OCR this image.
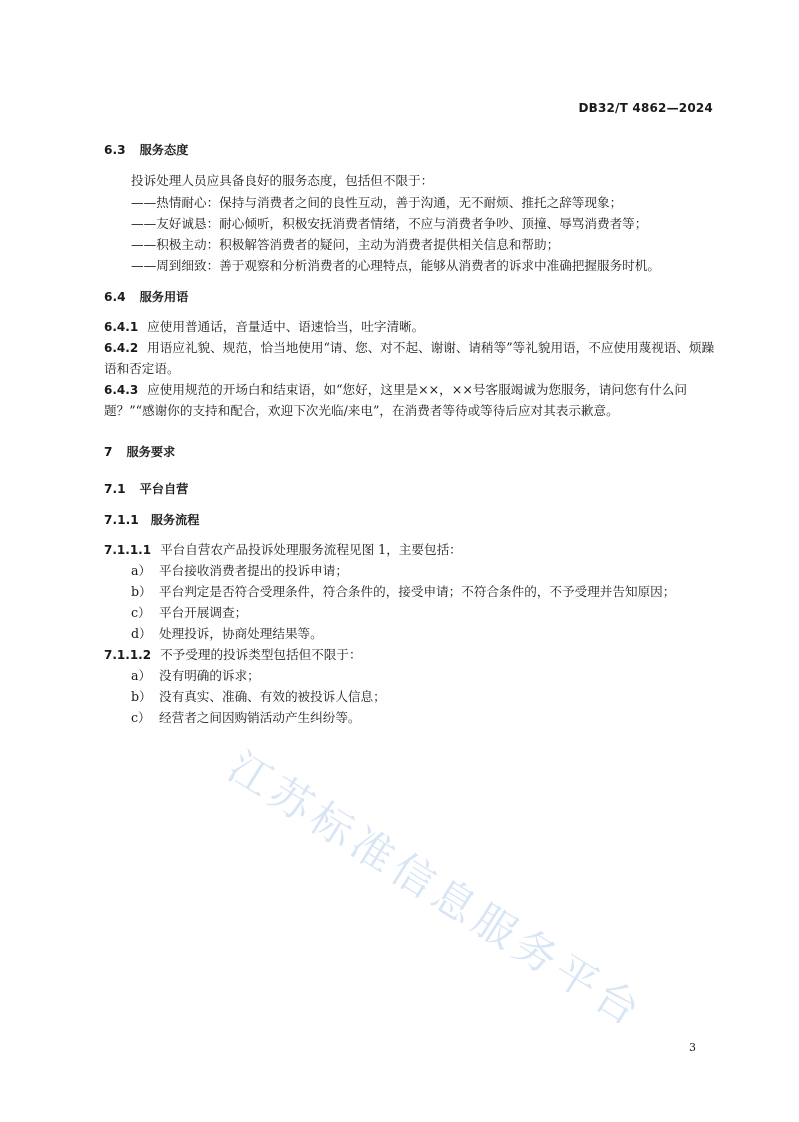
DB32/T 4862—2024
6.3 服务态度
投诉处理人员应具备良好的服务态度，包括但不限于：
——热情耐心：保持与消费者之间的良性互动，善于沟通，无不耐烦、推托之辞等现象；
——友好诚恳：耐心倾听，积极安抚消费者情绪，不应与消费者争吵、顶撞、辱骂消费者等；
——积极主动：积极解答消费者的疑问，主动为消费者提供相关信息和帮助；
——周到细致：善于观察和分析消费者的心理特点，能够从消费者的诉求中准确把握服务时机。
6.4 服务用语
6.4.1 应使用普通话，音量适中、语速恰当，吐字清晰。
6.4.2 用语应礼貌、规范，恰当地使用“请、您、对不起、谢谢、请稍等”等礼貌用语，不应使用蔑视语、烦躁
语和否定语。
6.4.3 应使用规范的开场白和结束语，如“您好，这里是××，××号客服竭诚为您服务，请问您有什么问
题？”“感谢你的支持和配合，欢迎下次光临/来电”，在消费者等待或等待后应对其表示歉意。
7 服务要求
7.1 平台自营
7.1.1 服务流程
7.1.1.1 平台自营农产品投诉处理服务流程见图 1，主要包括：
a） 平台接收消费者提出的投诉申请；
b） 平台判定是否符合受理条件，符合条件的，接受申请；不符合条件的，不予受理并告知原因；
c） 平台开展调查；
d） 处理投诉，协商处理结果等。
7.1.1.2 不予受理的投诉类型包括但不限于：
a） 没有明确的诉求；
b） 没有真实、准确、有效的被投诉人信息；
c） 经营者之间因购销活动产生纠纷等。
江苏标准信息服务平台
3
